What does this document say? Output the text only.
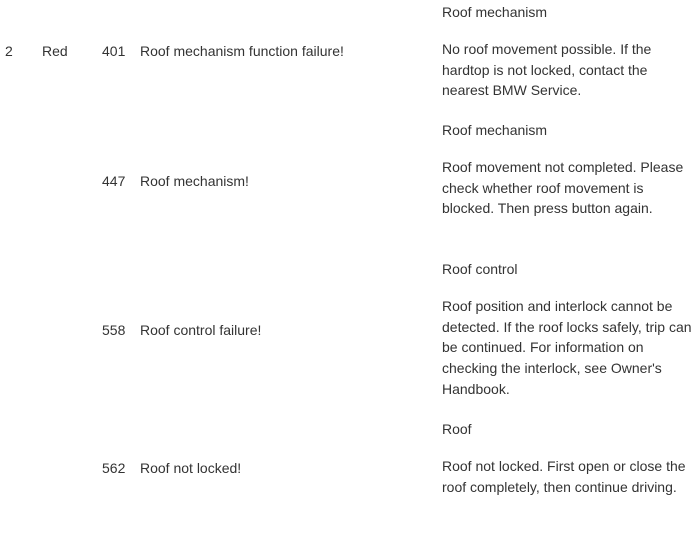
Roof mechanism
2 Red 401 Roof mechanism function failure!	No roof movement possible. If the hardtop is not locked, contact the nearest BMW Service.
Roof mechanism
447 Roof mechanism!
Roof movement not completed. Please check whether roof movement is blocked. Then press button again.
Roof control
558 Roof control failure!
Roof position and interlock cannot be detected. If the roof locks safely, trip can be continued. For information on checking the interlock, see Owner's Handbook.
Roof
562 Roof not locked!	Roof not locked. First open or close the roof completely, then continue driving.
